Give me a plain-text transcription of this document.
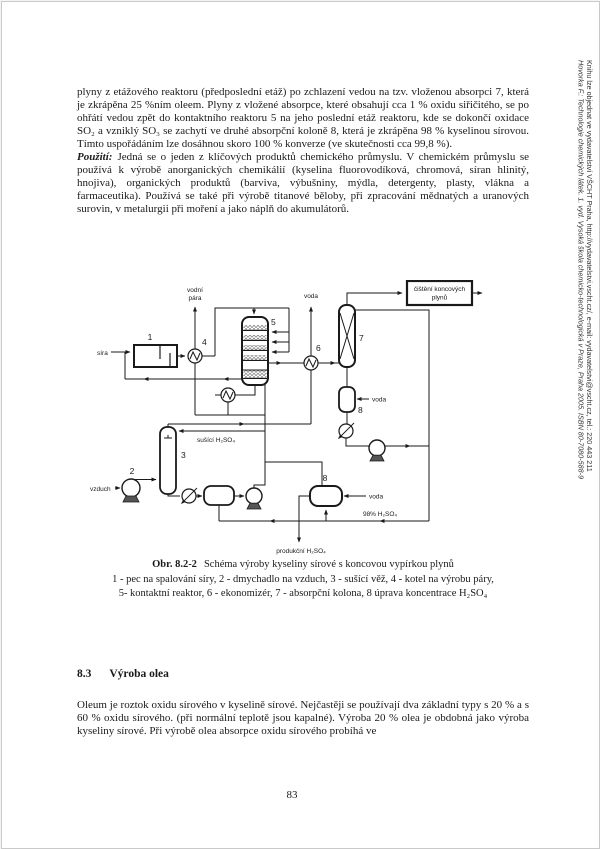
plyny z etážového reaktoru (předposlední etáž) po zchlazení vedou na tzv. vloženou absorpci 7, která je zkrápěna 25 %ním oleem. Plyny z vložené absorpce, které obsahují cca 1 % oxidu siřičitého, se po ohřátí vedou zpět do kontaktního reaktoru 5 na jeho poslední etáž reaktoru, kde se dokončí oxidace SO₂ a vzniklý SO₃ se zachytí ve druhé absorpční koloně 8, která je zkrápěna 98 % kyselinou sírovou. Tímto uspořádáním lze dosáhnou skoro 100 % konverze (ve skutečnosti cca 99,8 %).

Použití: Jedná se o jeden z klíčových produktů chemického průmyslu. V chemickém průmyslu se používá k výrobě anorganických chemikálií (kyselina fluorovodíková, chromová, síran hlinitý, hnojiva), organických produktů (barviva, výbušniny, mýdla, detergenty, plasty, vlákna a farmaceutika). Používá se také při výrobě titanové běloby, při zpracování mědnatých a uranových surovin, v metalurgii při moření a jako náplň do akumulátorů.

čištění koncových
plynů
vodní
pára
síra
voda
voda
voda
vzduch
sušící H₂SO₄
98% H₂SO₄
produkční H₂SO₄
1
2
3
4
5
6
7
8
8
Obr. 8.2-2 Schéma výroby kyseliny sírové s koncovou vypírkou plynů
1 - pec na spalování síry, 2 - dmychadlo na vzduch, 3 - sušící věž, 4 - kotel na výrobu páry,
5- kontaktní reaktor, 6 - ekonomizér, 7 - absorpční kolona, 8 úprava koncentrace H₂SO₄
8.3 Výroba olea

Oleum je roztok oxidu sírového v kyselině sírové. Nejčastěji se používají dva základní typy s 20 % a s 60 % oxidu sírového. (při normální teplotě jsou kapalné). Výroba 20 % olea je obdobná jako výroba kyseliny sírové. Při výrobě olea absorpce oxidu sírového probíhá ve

83
Hovorka F.: Technologie chemických látek. 1. vyd. Vysoká škola chemicko-technologická v Praze, Praha 2005. ISBN 80-7080-588-9 Knihu lze objednat ve vydavatelství VŠCHT Praha, http://vydavatelstvi.vscht.cz/, e-mail: vydavatelstvi@vscht.cz, tel.: 220 443 211
